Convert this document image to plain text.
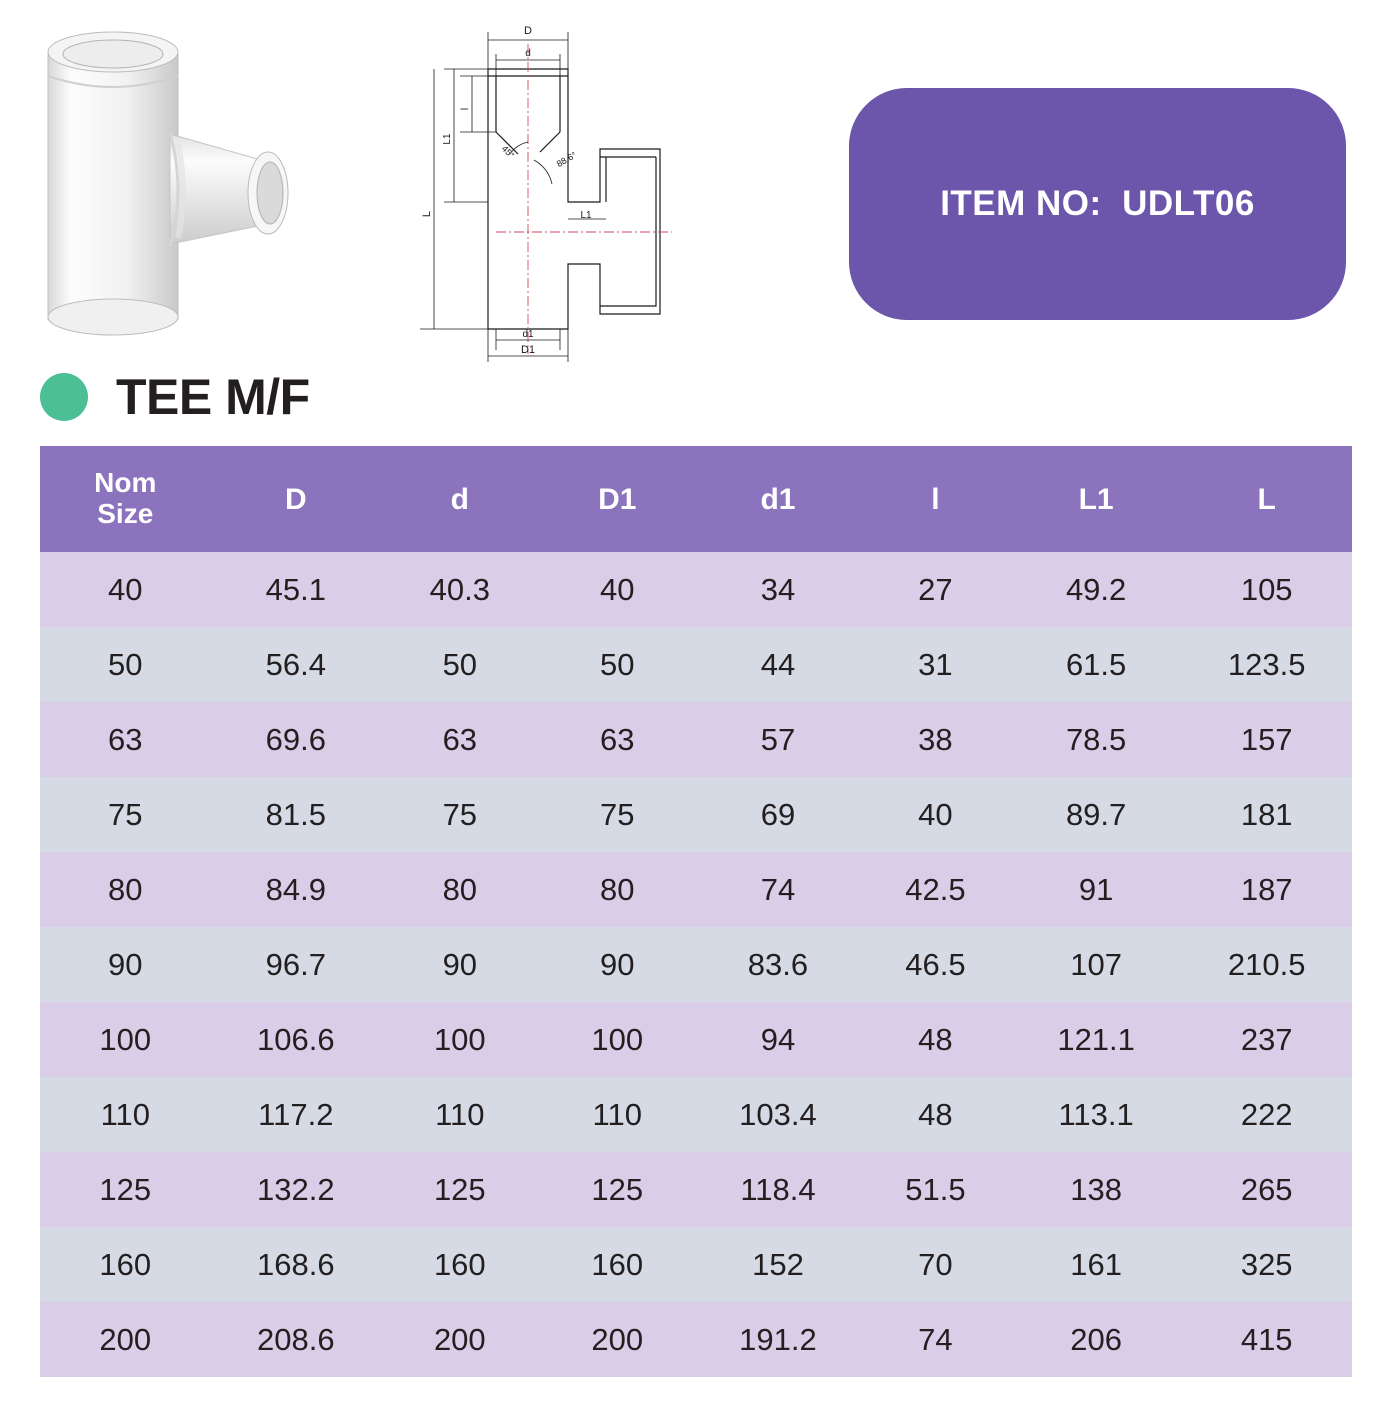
D
d
l
L1
L	L1
45°	88.6°
d1
D1
ITEM NO:  UDLT06
TEE M/F
Nom
Size	D	d	D1	d1	l	L1	L
40	45.1	40.3	40	34	27	49.2	105
50	56.4	50	50	44	31	61.5	123.5
63	69.6	63	63	57	38	78.5	157
75	81.5	75	75	69	40	89.7	181
80	84.9	80	80	74	42.5	91	187
90	96.7	90	90	83.6	46.5	107	210.5
100	106.6	100	100	94	48	121.1	237
110	117.2	110	110	103.4	48	113.1	222
125	132.2	125	125	118.4	51.5	138	265
160	168.6	160	160	152	70	161	325
200	208.6	200	200	191.2	74	206	415
